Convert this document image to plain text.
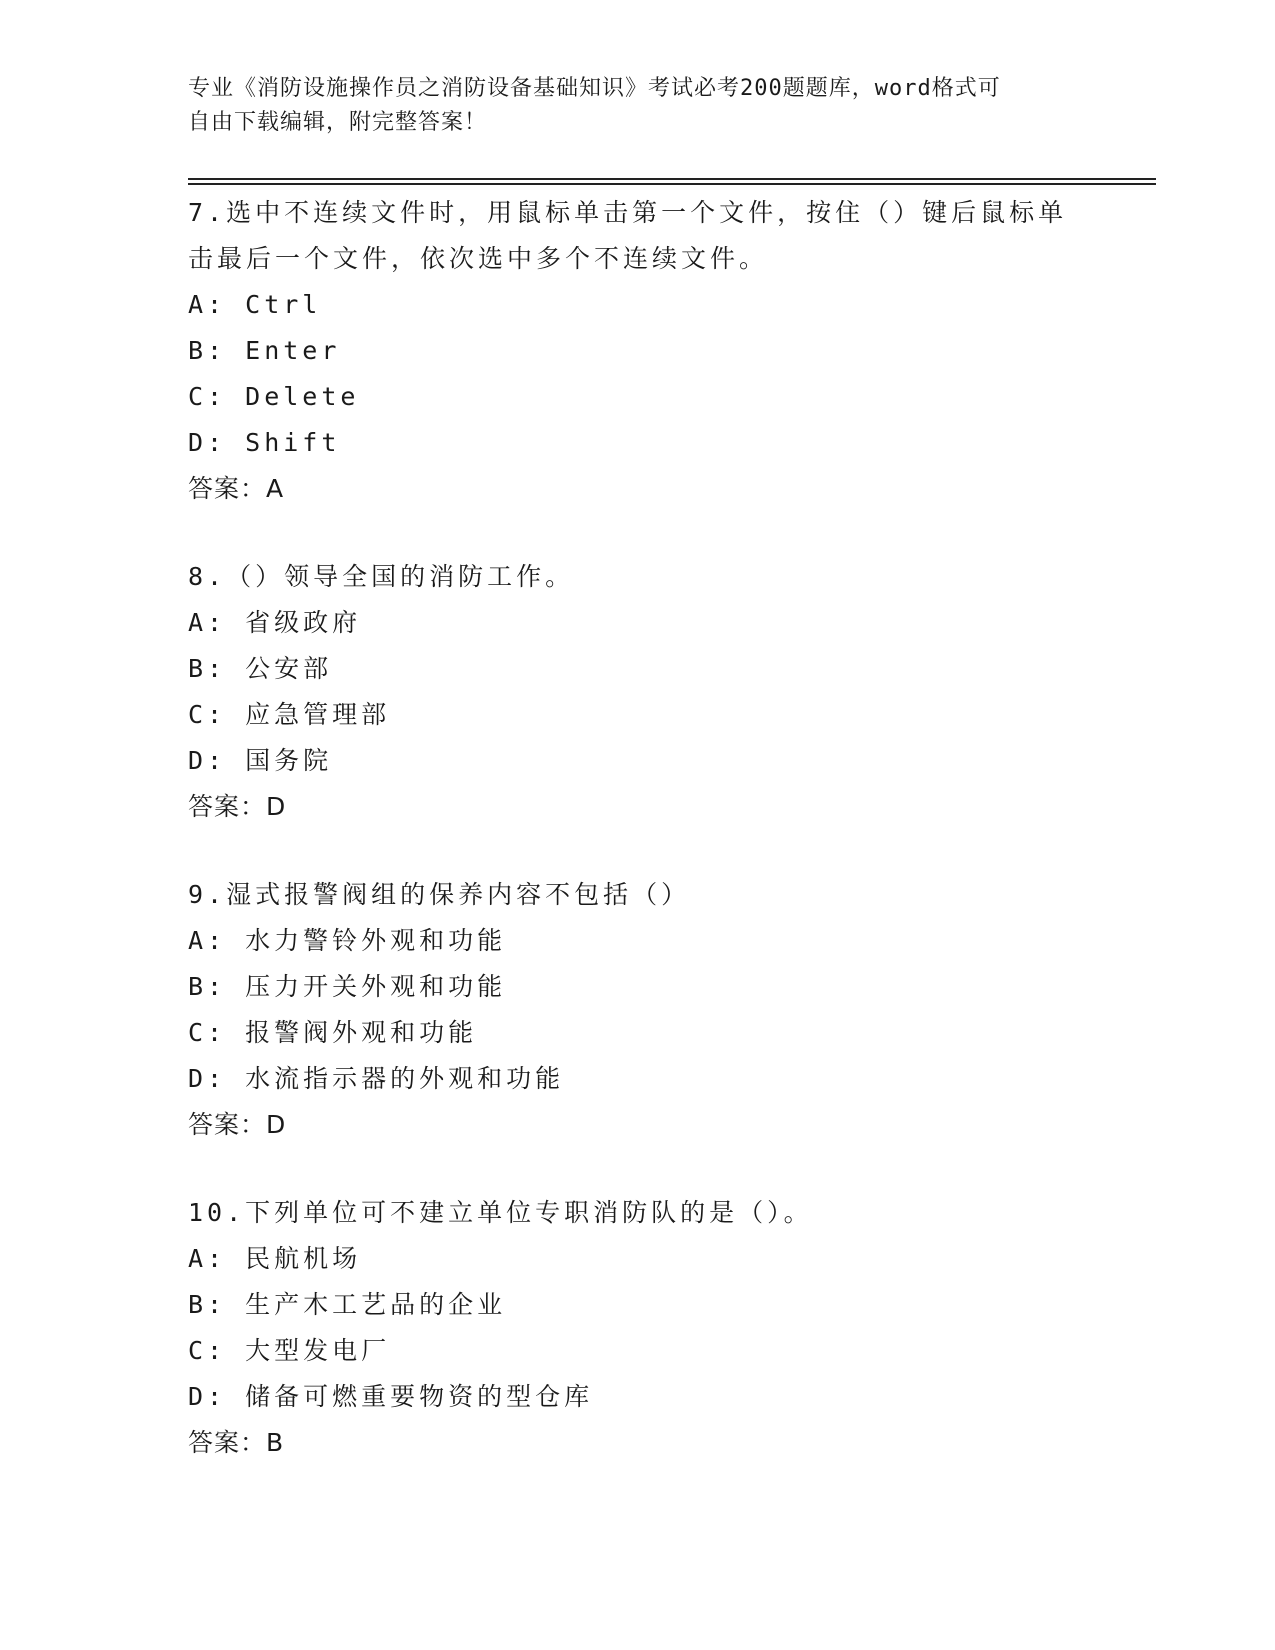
专业《消防设施操作员之消防设备基础知识》考试必考200题题库，word格式可
自由下载编辑，附完整答案！
7.选中不连续文件时，用鼠标单击第一个文件，按住（）键后鼠标单
击最后一个文件，依次选中多个不连续文件。
A: Ctrl
B: Enter
C: Delete
D: Shift
答案：A
8.（）领导全国的消防工作。
A: 省级政府
B: 公安部
C: 应急管理部
D: 国务院
答案：D
9.湿式报警阀组的保养内容不包括（）
A: 水力警铃外观和功能
B: 压力开关外观和功能
C: 报警阀外观和功能
D: 水流指示器的外观和功能
答案：D
10.下列单位可不建立单位专职消防队的是（）。
A: 民航机场
B: 生产木工艺品的企业
C: 大型发电厂
D: 储备可燃重要物资的型仓库
答案：B
